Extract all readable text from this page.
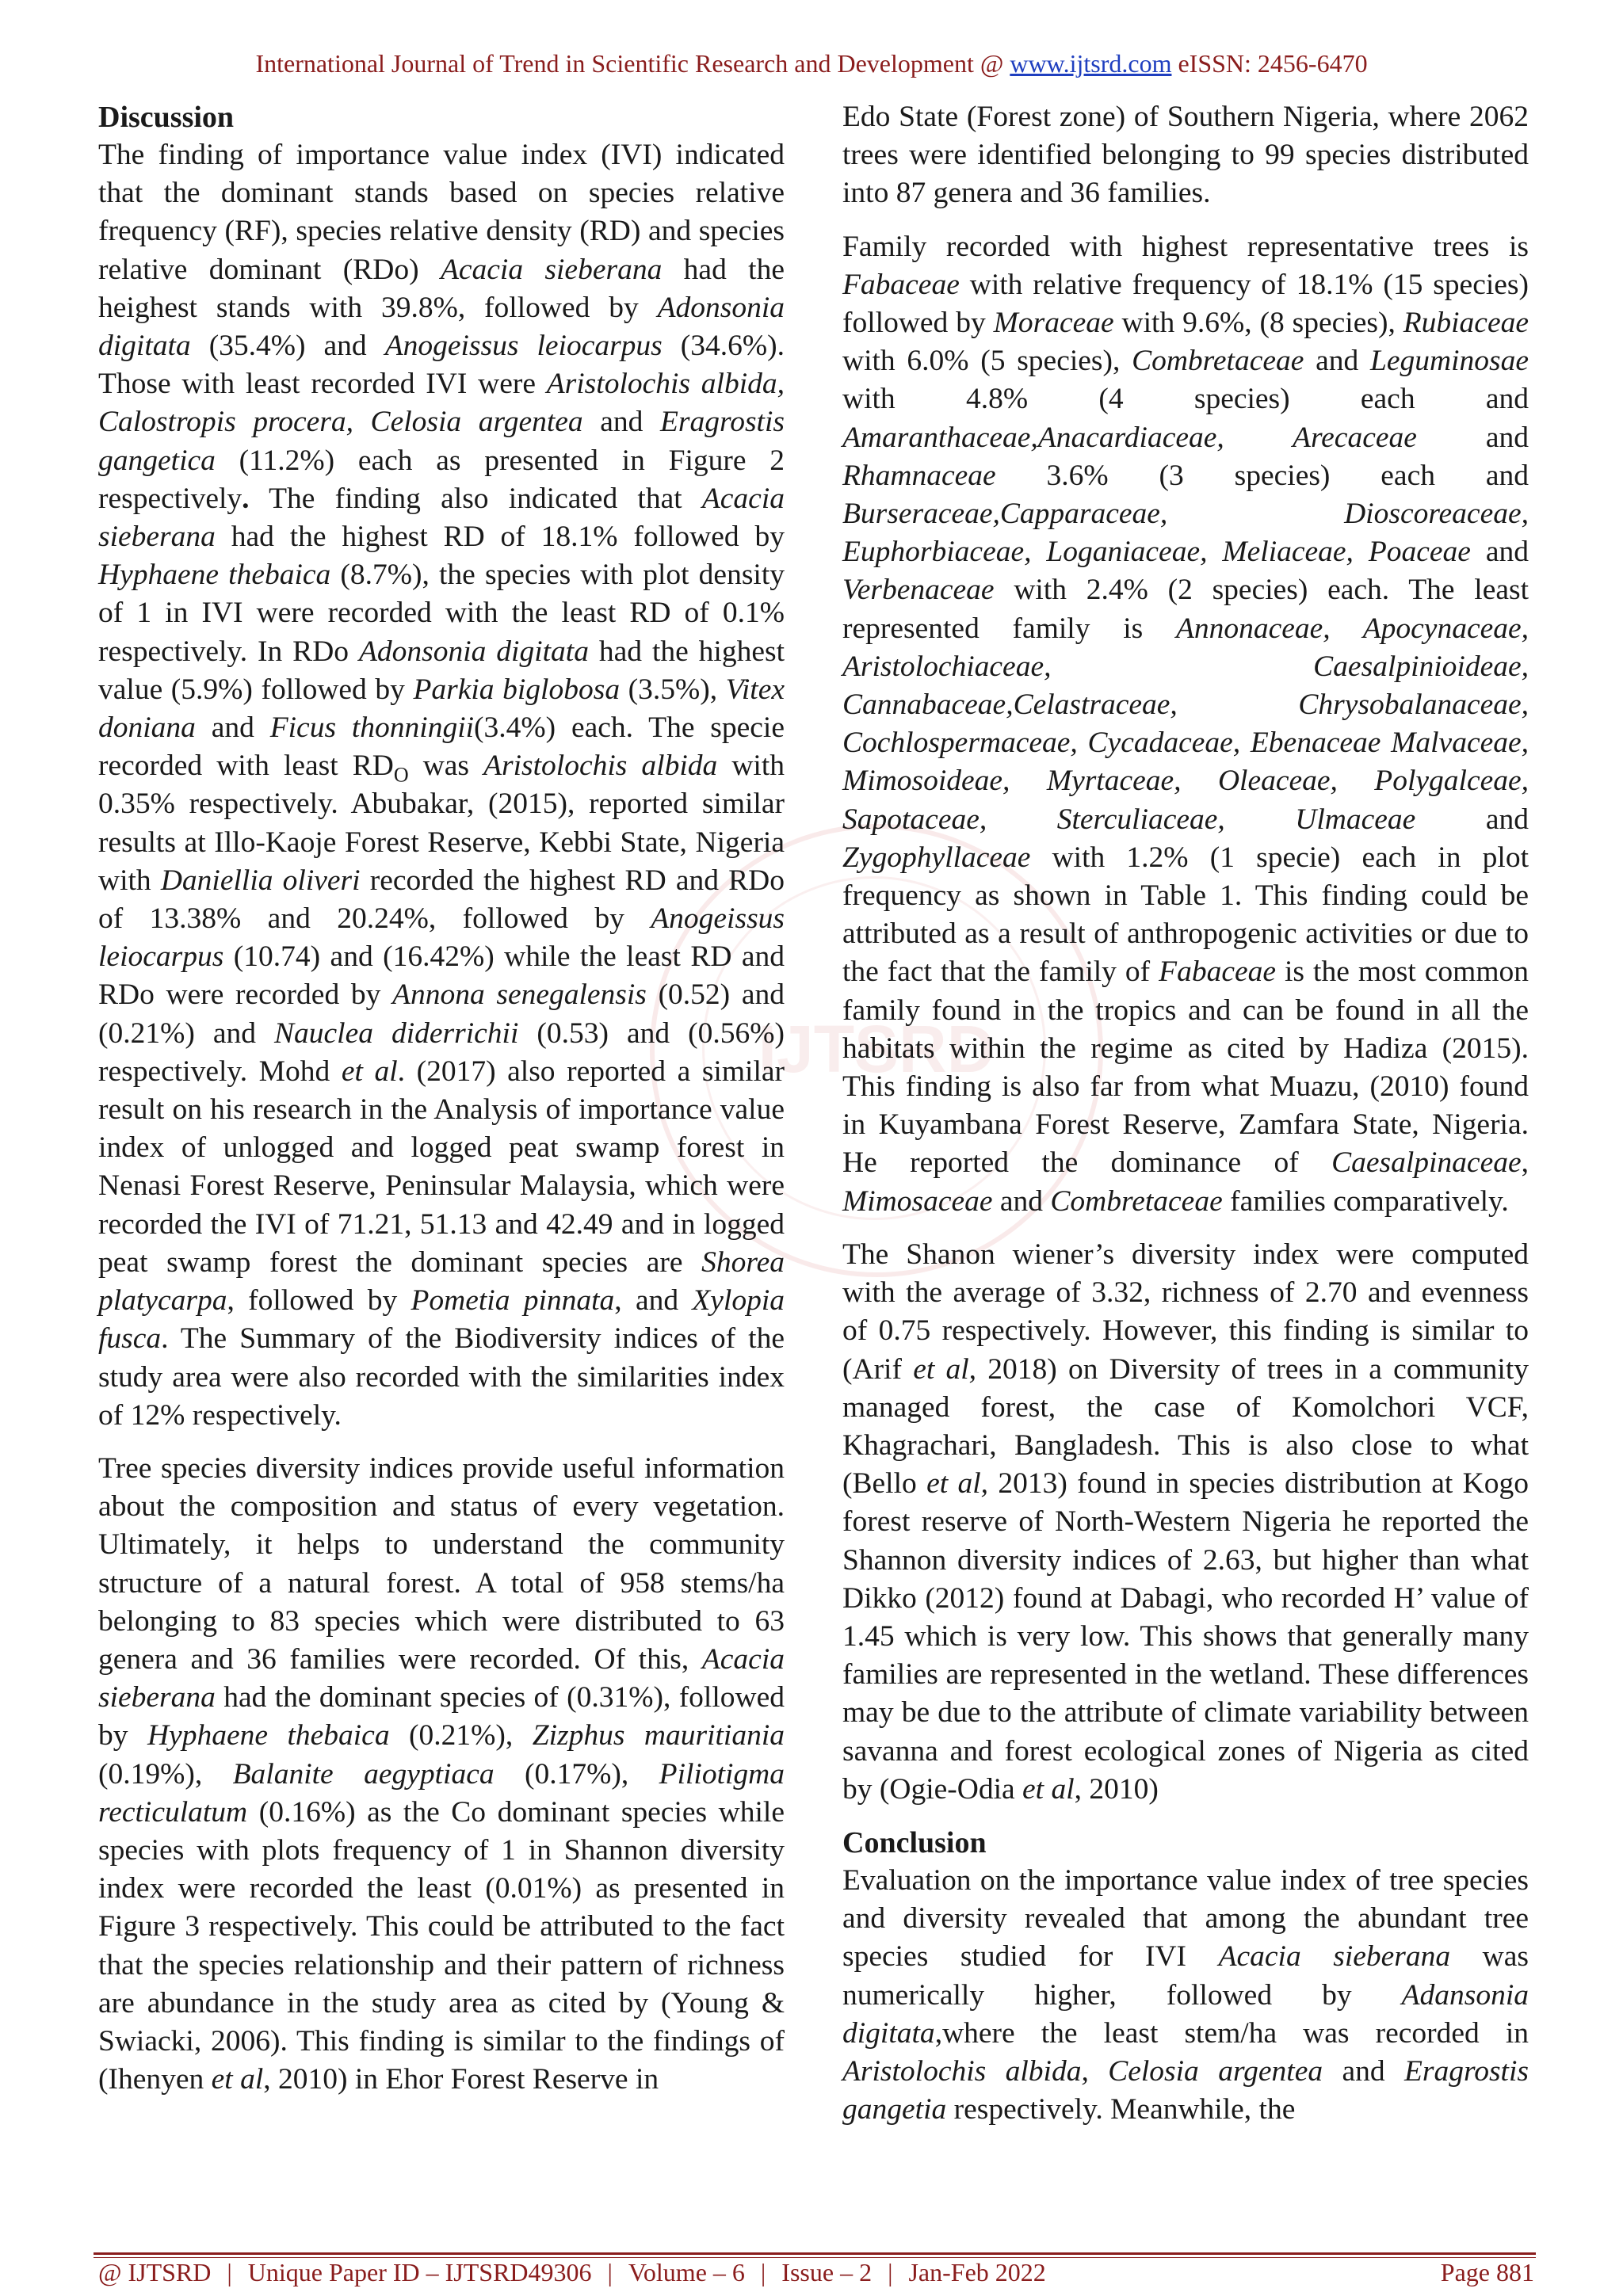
International Journal of Trend in Scientific Research and Development @ www.ijtsrd.com eISSN: 2456-6470
IJTSRD
Discussion

The finding of importance value index (IVI) indicated that the dominant stands based on species relative frequency (RF), species relative density (RD) and species relative dominant (RDo) Acacia sieberana had the heighest stands with 39.8%, followed by Adonsonia digitata (35.4%) and Anogeissus leiocarpus (34.6%). Those with least recorded IVI were Aristolochis albida, Calostropis procera, Celosia argentea and Eragrostis gangetica (11.2%) each as presented in Figure 2 respectively. The finding also indicated that Acacia sieberana had the highest RD of 18.1% followed by Hyphaene thebaica (8.7%), the species with plot density of 1 in IVI were recorded with the least RD of 0.1% respectively. In RDo Adonsonia digitata had the highest value (5.9%) followed by Parkia biglobosa (3.5%), Vitex doniana and Ficus thonningii(3.4%) each. The specie recorded with least $RD_O$ was Aristolochis albida with 0.35% respectively. Abubakar, (2015), reported similar results at Illo-Kaoje Forest Reserve, Kebbi State, Nigeria with Daniellia oliveri recorded the highest RD and RDo of 13.38% and 20.24%, followed by Anogeissus leiocarpus (10.74) and (16.42%) while the least RD and RDo were recorded by Annona senegalensis (0.52) and (0.21%) and Nauclea diderrichii (0.53) and (0.56%) respectively. Mohd et al. (2017) also reported a similar result on his research in the Analysis of importance value index of unlogged and logged peat swamp forest in Nenasi Forest Reserve, Peninsular Malaysia, which were recorded the IVI of 71.21, 51.13 and 42.49 and in logged peat swamp forest the dominant species are Shorea platycarpa, followed by Pometia pinnata, and Xylopia fusca. The Summary of the Biodiversity indices of the study area were also recorded with the similarities index of 12% respectively.

Tree species diversity indices provide useful information about the composition and status of every vegetation. Ultimately, it helps to understand the community structure of a natural forest. A total of 958 stems/ha belonging to 83 species which were distributed to 63 genera and 36 families were recorded. Of this, Acacia sieberana had the dominant species of (0.31%), followed by Hyphaene thebaica (0.21%), Zizphus mauritiania (0.19%), Balanite aegyptiaca (0.17%), Piliotigma recticulatum (0.16%) as the Co dominant species while species with plots frequency of 1 in Shannon diversity index were recorded the least (0.01%) as presented in Figure 3 respectively. This could be attributed to the fact that the species relationship and their pattern of richness are abundance in the study area as cited by (Young & Swiacki, 2006). This finding is similar to the findings of (Ihenyen et al, 2010) in Ehor Forest Reserve in

Edo State (Forest zone) of Southern Nigeria, where 2062 trees were identified belonging to 99 species distributed into 87 genera and 36 families.

Family recorded with highest representative trees is Fabaceae with relative frequency of 18.1% (15 species) followed by Moraceae with 9.6%, (8 species), Rubiaceae with 6.0% (5 species), Combretaceae and Leguminosae with 4.8% (4 species) each and Amaranthaceae,Anacardiaceae, Arecaceae and Rhamnaceae 3.6% (3 species) each and Burseraceae,Capparaceae, Dioscoreaceae, Euphorbiaceae, Loganiaceae, Meliaceae, Poaceae and Verbenaceae with 2.4% (2 species) each. The least represented family is Annonaceae, Apocynaceae, Aristolochiaceae, Caesalpinioideae, Cannabaceae,Celastraceae, Chrysobalanaceae, Cochlospermaceae, Cycadaceae, Ebenaceae Malvaceae, Mimosoideae, Myrtaceae, Oleaceae, Polygalceae, Sapotaceae, Sterculiaceae, Ulmaceae and Zygophyllaceae with 1.2% (1 specie) each in plot frequency as shown in Table 1. This finding could be attributed as a result of anthropogenic activities or due to the fact that the family of Fabaceae is the most common family found in the tropics and can be found in all the habitats within the regime as cited by Hadiza (2015). This finding is also far from what Muazu, (2010) found in Kuyambana Forest Reserve, Zamfara State, Nigeria. He reported the dominance of Caesalpinaceae, Mimosaceae and Combretaceae families comparatively.

The Shanon wiener’s diversity index were computed with the average of 3.32, richness of 2.70 and evenness of 0.75 respectively. However, this finding is similar to (Arif et al, 2018) on Diversity of trees in a community managed forest, the case of Komolchori VCF, Khagrachari, Bangladesh. This is also close to what (Bello et al, 2013) found in species distribution at Kogo forest reserve of North-Western Nigeria he reported the Shannon diversity indices of 2.63, but higher than what Dikko (2012) found at Dabagi, who recorded H’ value of 1.45 which is very low. This shows that generally many families are represented in the wetland. These differences may be due to the attribute of climate variability between savanna and forest ecological zones of Nigeria as cited by (Ogie-Odia et al, 2010)

Conclusion

Evaluation on the importance value index of tree species and diversity revealed that among the abundant tree species studied for IVI Acacia sieberana was numerically higher, followed by Adansonia digitata,where the least stem/ha was recorded in Aristolochis albida, Celosia argentea and Eragrostis gangetia respectively. Meanwhile, the

@ IJTSRD | Unique Paper ID – IJTSRD49306 | Volume – 6 | Issue – 2 | Jan-Feb 2022	Page 881
